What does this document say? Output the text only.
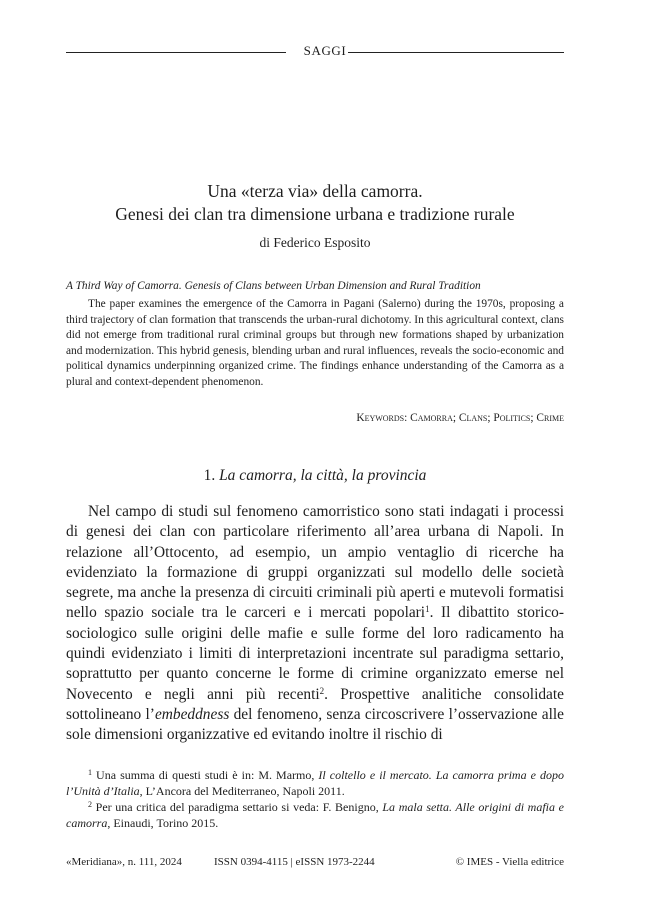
SAGGI
Una «terza via» della camorra.
Genesi dei clan tra dimensione urbana e tradizione rurale
di Federico Esposito
A Third Way of Camorra. Genesis of Clans between Urban Dimension and Rural Tradition
The paper examines the emergence of the Camorra in Pagani (Salerno) during the 1970s, proposing a third trajectory of clan formation that transcends the urban-rural dichotomy. In this agricultural context, clans did not emerge from traditional rural criminal groups but through new formations shaped by urbanization and modernization. This hybrid genesis, blending urban and rural influences, reveals the socio-economic and political dynamics underpinning organized crime. The findings enhance understanding of the Camorra as a plural and context-dependent phenomenon.
Keywords: Camorra; Clans; Politics; Crime
1. La camorra, la città, la provincia
Nel campo di studi sul fenomeno camorristico sono stati indagati i processi di genesi dei clan con particolare riferimento all’area urbana di Napoli. In relazione all’Ottocento, ad esempio, un ampio ventaglio di ricerche ha evidenziato la formazione di gruppi organizzati sul modello delle società segrete, ma anche la presenza di circuiti criminali più aperti e mutevoli formatisi nello spazio sociale tra le carceri e i mercati popolari$^1$. Il dibattito storico-sociologico sulle origini delle mafie e sulle forme del loro radicamento ha quindi evidenziato i limiti di interpretazioni incentrate sul paradigma settario, soprattutto per quanto concerne le forme di crimine organizzato emerse nel Novecento e negli anni più recenti$^2$. Prospettive analitiche consolidate sottolineano l’embeddness del fenomeno, senza circoscrivere l’osservazione alle sole dimensioni organizzative ed evitando inoltre il rischio di
$^1$ Una summa di questi studi è in: M. Marmo, Il coltello e il mercato. La camorra prima e dopo l’Unità d’Italia, L’Ancora del Mediterraneo, Napoli 2011.
$^2$ Per una critica del paradigma settario si veda: F. Benigno, La mala setta. Alle origini di mafia e camorra, Einaudi, Torino 2015.
«Meridiana», n. 111, 2024	ISSN 0394-4115 | eISSN 1973-2244	© IMES - Viella editrice
